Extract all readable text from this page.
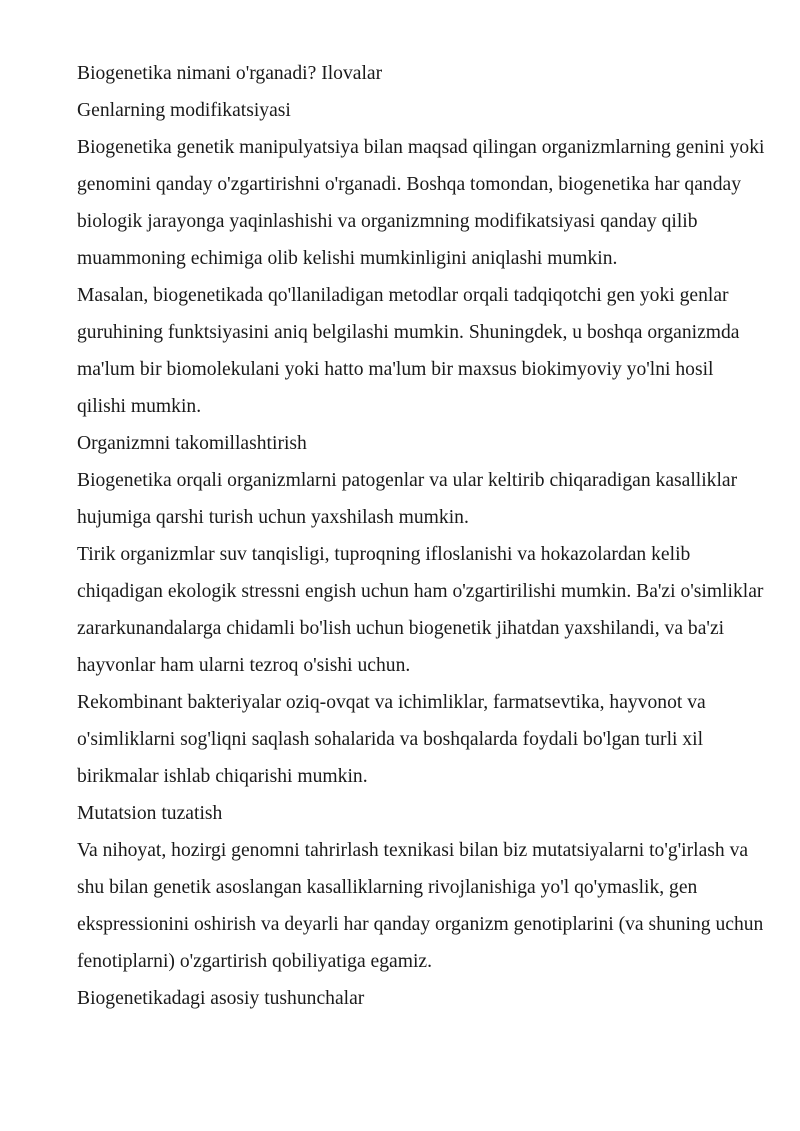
Biogenetika nimani o'rganadi? Ilovalar

Genlarning modifikatsiyasi

Biogenetika genetik manipulyatsiya bilan maqsad qilingan organizmlarning genini yoki genomini qanday o'zgartirishni o'rganadi. Boshqa tomondan, biogenetika har qanday biologik jarayonga yaqinlashishi va organizmning modifikatsiyasi qanday qilib muammoning echimiga olib kelishi mumkinligini aniqlashi mumkin.

Masalan, biogenetikada qo'llaniladigan metodlar orqali tadqiqotchi gen yoki genlar guruhining funktsiyasini aniq belgilashi mumkin. Shuningdek, u boshqa organizmda ma'lum bir biomolekulani yoki hatto ma'lum bir maxsus biokimyoviy yo'lni hosil qilishi mumkin.

Organizmni takomillashtirish

Biogenetika orqali organizmlarni patogenlar va ular keltirib chiqaradigan kasalliklar hujumiga qarshi turish uchun yaxshilash mumkin.

Tirik organizmlar suv tanqisligi, tuproqning ifloslanishi va hokazolardan kelib chiqadigan ekologik stressni engish uchun ham o'zgartirilishi mumkin. Ba'zi o'simliklar zararkunandalarga chidamli bo'lish uchun biogenetik jihatdan yaxshilandi, va ba'zi hayvonlar ham ularni tezroq o'sishi uchun.

Rekombinant bakteriyalar oziq-ovqat va ichimliklar, farmatsevtika, hayvonot va o'simliklarni sog'liqni saqlash sohalarida va boshqalarda foydali bo'lgan turli xil birikmalar ishlab chiqarishi mumkin.

Mutatsion tuzatish

Va nihoyat, hozirgi genomni tahrirlash texnikasi bilan biz mutatsiyalarni to'g'irlash va shu bilan genetik asoslangan kasalliklarning rivojlanishiga yo'l qo'ymaslik, gen ekspressionini oshirish va deyarli har qanday organizm genotiplarini (va shuning uchun fenotiplarni) o'zgartirish qobiliyatiga egamiz.

Biogenetikadagi asosiy tushunchalar
